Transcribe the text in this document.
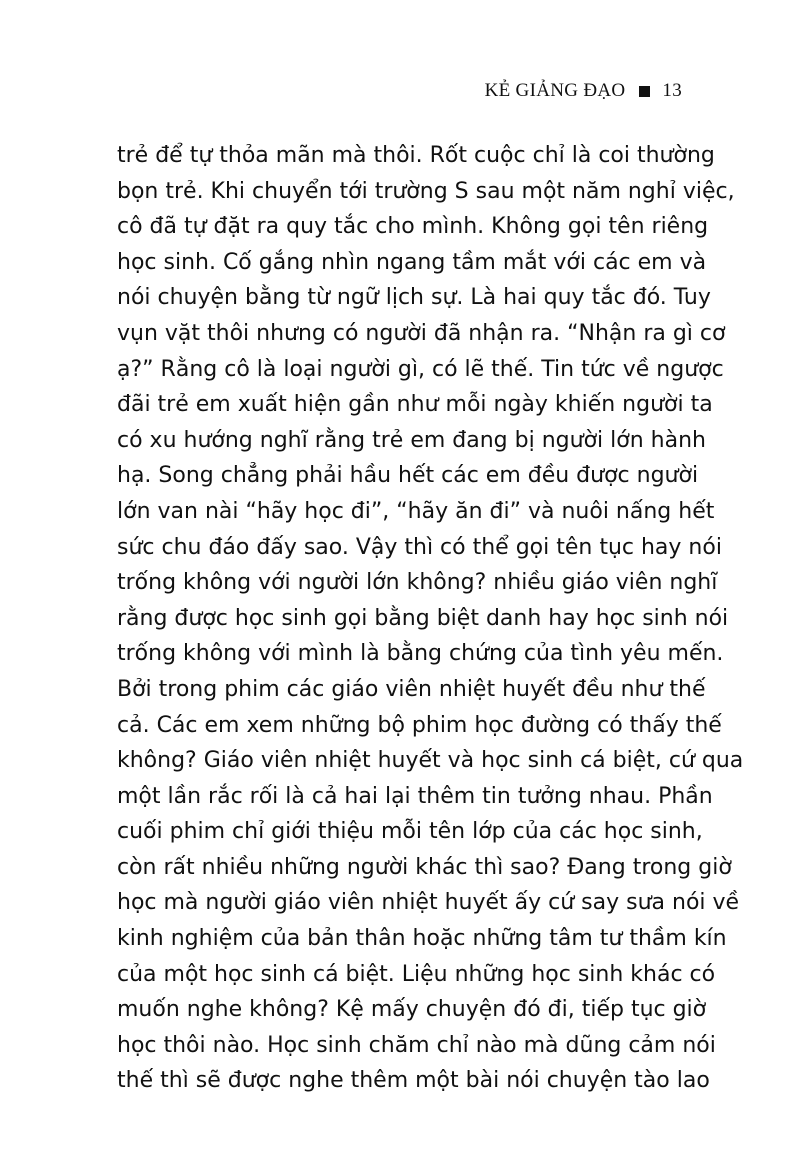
KẺ GIẢNG ĐẠO 13
trẻ để tự thỏa mãn mà thôi. Rốt cuộc chỉ là coi thường
bọn trẻ. Khi chuyển tới trường S sau một năm nghỉ việc,
cô đã tự đặt ra quy tắc cho mình. Không gọi tên riêng
học sinh. Cố gắng nhìn ngang tầm mắt với các em và
nói chuyện bằng từ ngữ lịch sự. Là hai quy tắc đó. Tuy
vụn vặt thôi nhưng có người đã nhận ra. “Nhận ra gì cơ
ạ?” Rằng cô là loại người gì, có lẽ thế. Tin tức về ngược
đãi trẻ em xuất hiện gần như mỗi ngày khiến người ta
có xu hướng nghĩ rằng trẻ em đang bị người lớn hành
hạ. Song chẳng phải hầu hết các em đều được người
lớn van nài “hãy học đi”, “hãy ăn đi” và nuôi nấng hết
sức chu đáo đấy sao. Vậy thì có thể gọi tên tục hay nói
trống không với người lớn không? nhiều giáo viên nghĩ
rằng được học sinh gọi bằng biệt danh hay học sinh nói
trống không với mình là bằng chứng của tình yêu mến.
Bởi trong phim các giáo viên nhiệt huyết đều như thế
cả. Các em xem những bộ phim học đường có thấy thế
không? Giáo viên nhiệt huyết và học sinh cá biệt, cứ qua
một lần rắc rối là cả hai lại thêm tin tưởng nhau. Phần
cuối phim chỉ giới thiệu mỗi tên lớp của các học sinh,
còn rất nhiều những người khác thì sao? Đang trong giờ
học mà người giáo viên nhiệt huyết ấy cứ say sưa nói về
kinh nghiệm của bản thân hoặc những tâm tư thầm kín
của một học sinh cá biệt. Liệu những học sinh khác có
muốn nghe không? Kệ mấy chuyện đó đi, tiếp tục giờ
học thôi nào. Học sinh chăm chỉ nào mà dũng cảm nói
thế thì sẽ được nghe thêm một bài nói chuyện tào lao
